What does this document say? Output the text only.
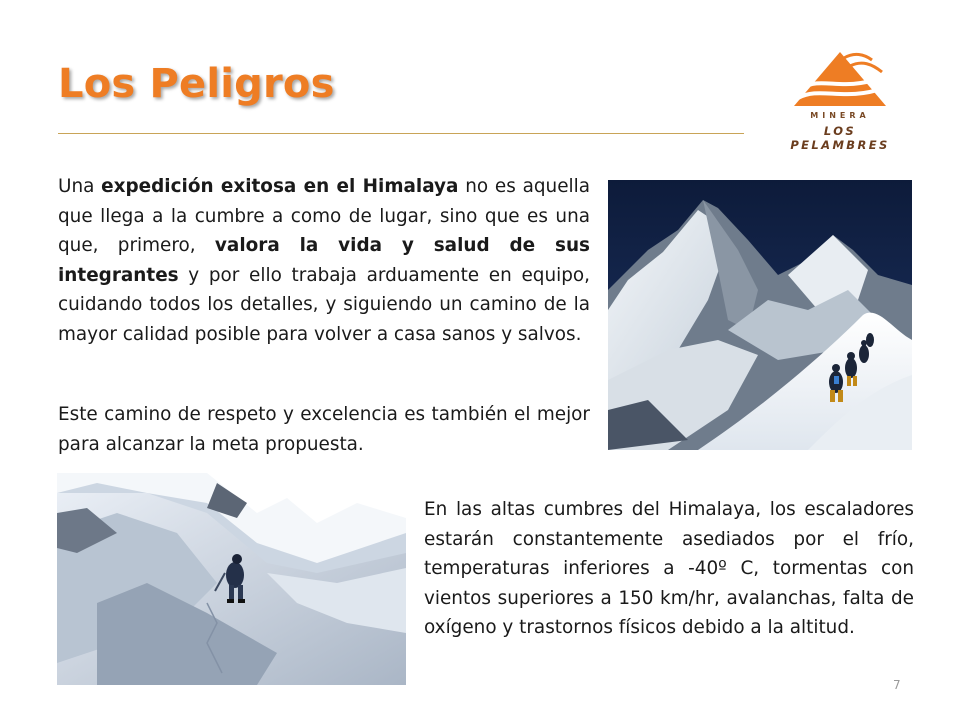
Los Peligros
MINERA
LOS PELAMBRES
Una expedición exitosa en el Himalaya no es aquella que llega a la cumbre a como de lugar, sino que es una que, primero, valora la vida y salud de sus integrantes y por ello trabaja arduamente en equipo, cuidando todos los detalles, y siguiendo un camino de la mayor calidad posible para volver a casa sanos y salvos.
Este camino de respeto y excelencia es también el mejor para alcanzar la meta propuesta.
En las altas cumbres del Himalaya, los escaladores estarán constantemente asediados por el frío, temperaturas inferiores a -40º C, tormentas con vientos superiores a 150 km/hr, avalanchas, falta de oxígeno y trastornos físicos debido a la altitud.
7
